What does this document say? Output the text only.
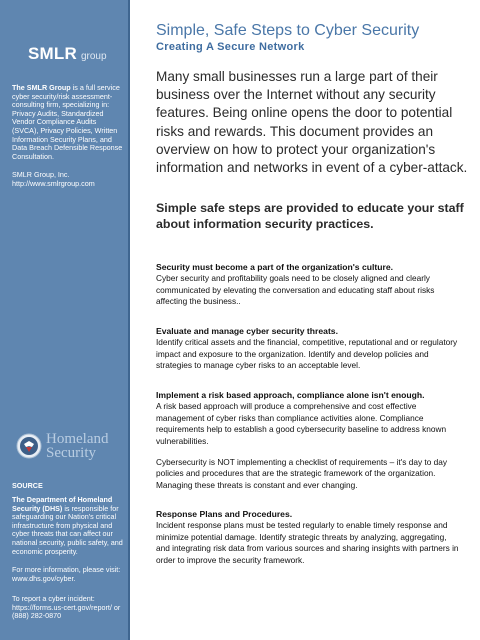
SMLR group
The SMLR Group is a full service cyber security/risk assessment-consulting firm, specializing in: Privacy Audits, Standardized Vendor Compliance Audits (SVCA), Privacy Policies, Written Information Security Plans, and Data Breach Defensible Response Consultation.
SMLR Group, Inc.
http://www.smlrgroup.com
Homeland
Security
SOURCE
The Department of Homeland Security (DHS) is responsible for safeguarding our Nation's critical infrastructure from physical and cyber threats that can affect our national security, public safety, and economic prosperity.
For more information, please visit: www.dhs.gov/cyber.
To report a cyber incident: https://forms.us-cert.gov/report/ or (888) 282-0870
Simple, Safe Steps to Cyber Security
Creating A Secure Network
Many small businesses run a large part of their business over the Internet without any security features. Being online opens the door to potential risks and rewards. This document provides an overview on how to protect your organization's information and networks in event of a cyber-attack.
Simple safe steps are provided to educate your staff about information security practices.
Security must become a part of the organization's culture.
Cyber security and profitability goals need to be closely aligned and clearly communicated by elevating the conversation and educating staff about risks affecting the business..
Evaluate and manage cyber security threats.
Identify critical assets and the financial, competitive, reputational and or regulatory impact and exposure to the organization. Identify and develop policies and strategies to manage cyber risks to an acceptable level.
Implement a risk based approach, compliance alone isn't enough.
A risk based approach will produce a comprehensive and cost effective management of cyber risks than compliance activities alone. Compliance requirements help to establish a good cybersecurity baseline to address known vulnerabilities.
Cybersecurity is NOT implementing a checklist of requirements – it's day to day policies and procedures that are the strategic framework of the organization. Managing these threats is constant and ever changing.
Response Plans and Procedures.
Incident response plans must be tested regularly to enable timely response and minimize potential damage. Identify strategic threats by analyzing, aggregating, and integrating risk data from various sources and sharing insights with partners in order to improve the security framework.
